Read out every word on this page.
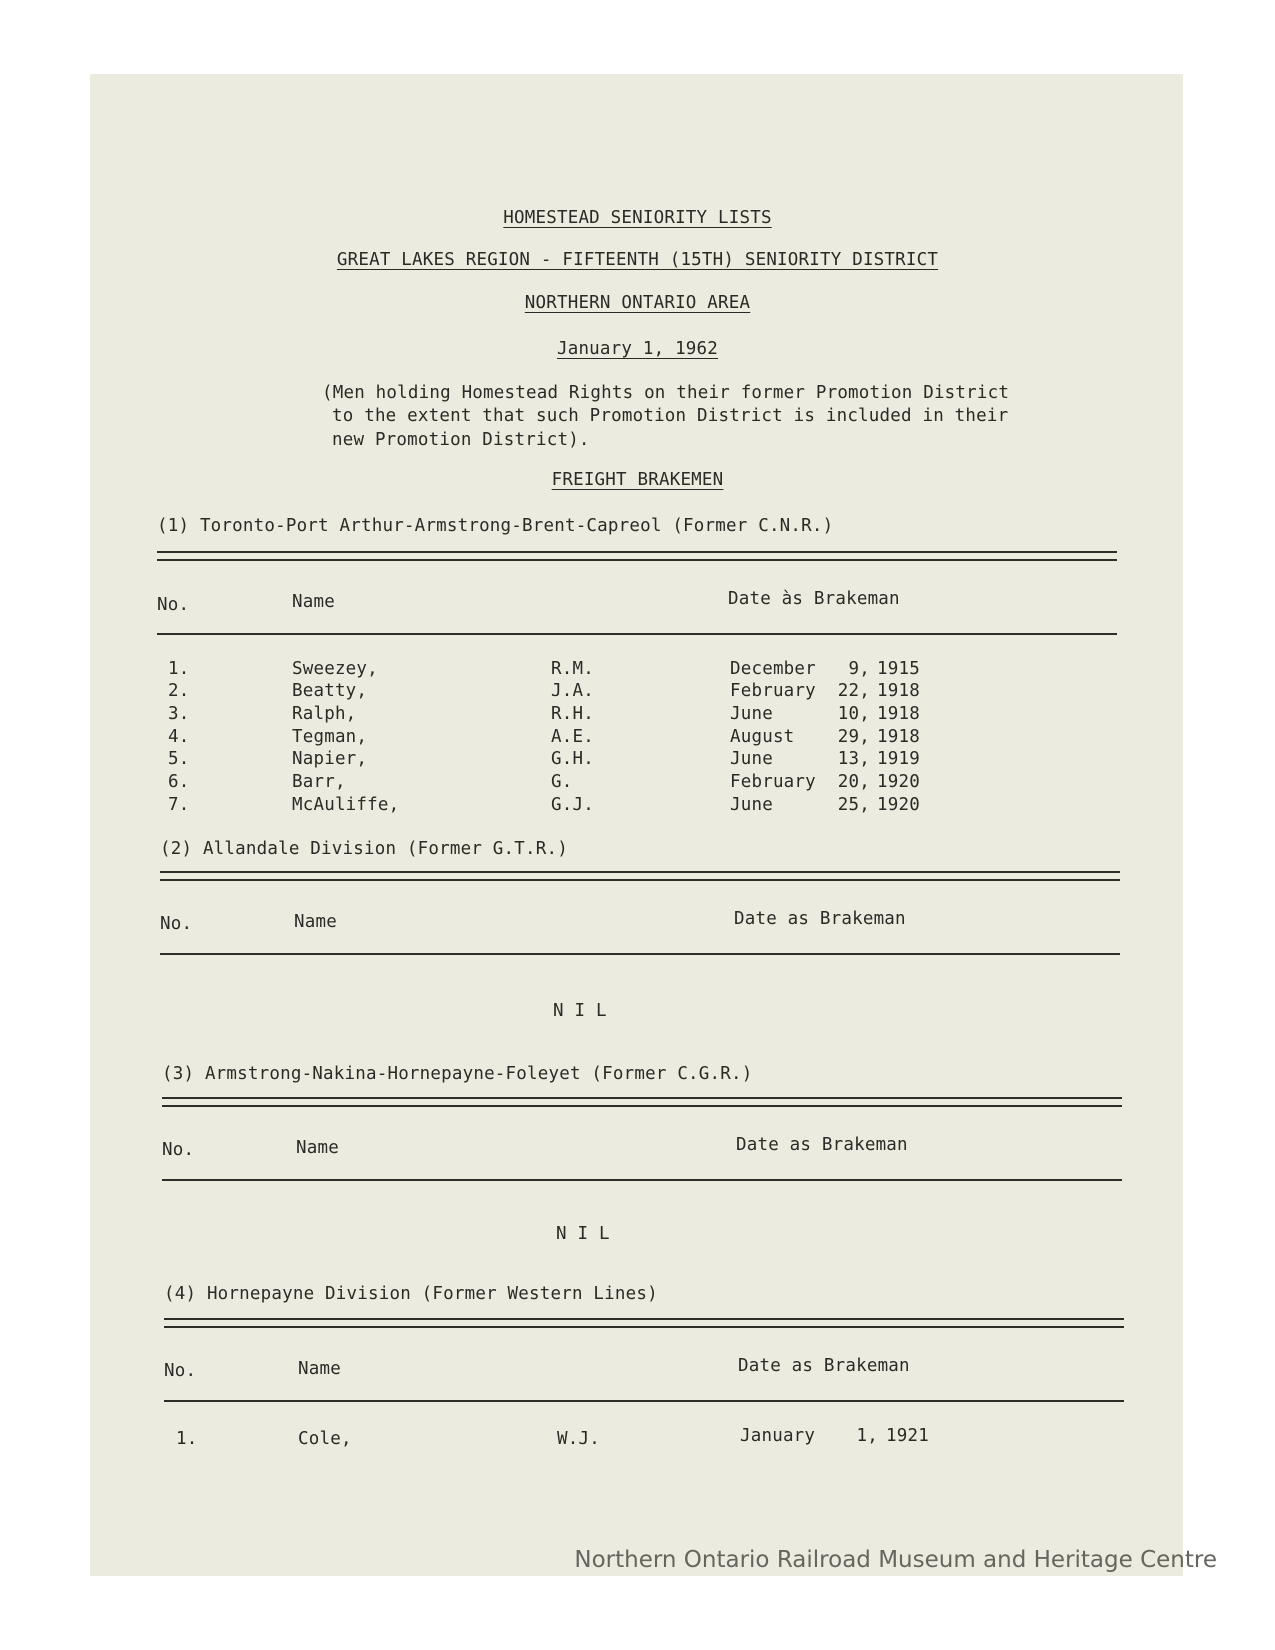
HOMESTEAD SENIORITY LISTS
GREAT LAKES REGION - FIFTEENTH (15TH) SENIORITY DISTRICT
NORTHERN ONTARIO AREA
January 1, 1962
(Men holding Homestead Rights on their former Promotion District
to the extent that such Promotion District is included in their
new Promotion District).
FREIGHT BRAKEMEN
(1) Toronto-Port Arthur-Armstrong-Brent-Capreol (Former C.N.R.)
No.	Name	Date às Brakeman
1.	Sweezey,	R.M.	December	9, 1915
2.	Beatty,	J.A.	February 22, 1918
3.	Ralph,	R.H.	June	10, 1918
4.	Tegman,	A.E.	August 29, 1918
5.	Napier,	G.H.	June	13, 1919
6.	Barr,	G.	February 20, 1920
7.	McAuliffe,	G.J.	June	25, 1920
(2) Allandale Division (Former G.T.R.)
No.	Name	Date as Brakeman
N I L
(3) Armstrong-Nakina-Hornepayne-Foleyet (Former C.G.R.)
No.	Name	Date as Brakeman
N I L
(4) Hornepayne Division (Former Western Lines)
No.	Name	Date as Brakeman
1.	Cole,	W.J.	January	1, 1921
Northern Ontario Railroad Museum and Heritage Centre
